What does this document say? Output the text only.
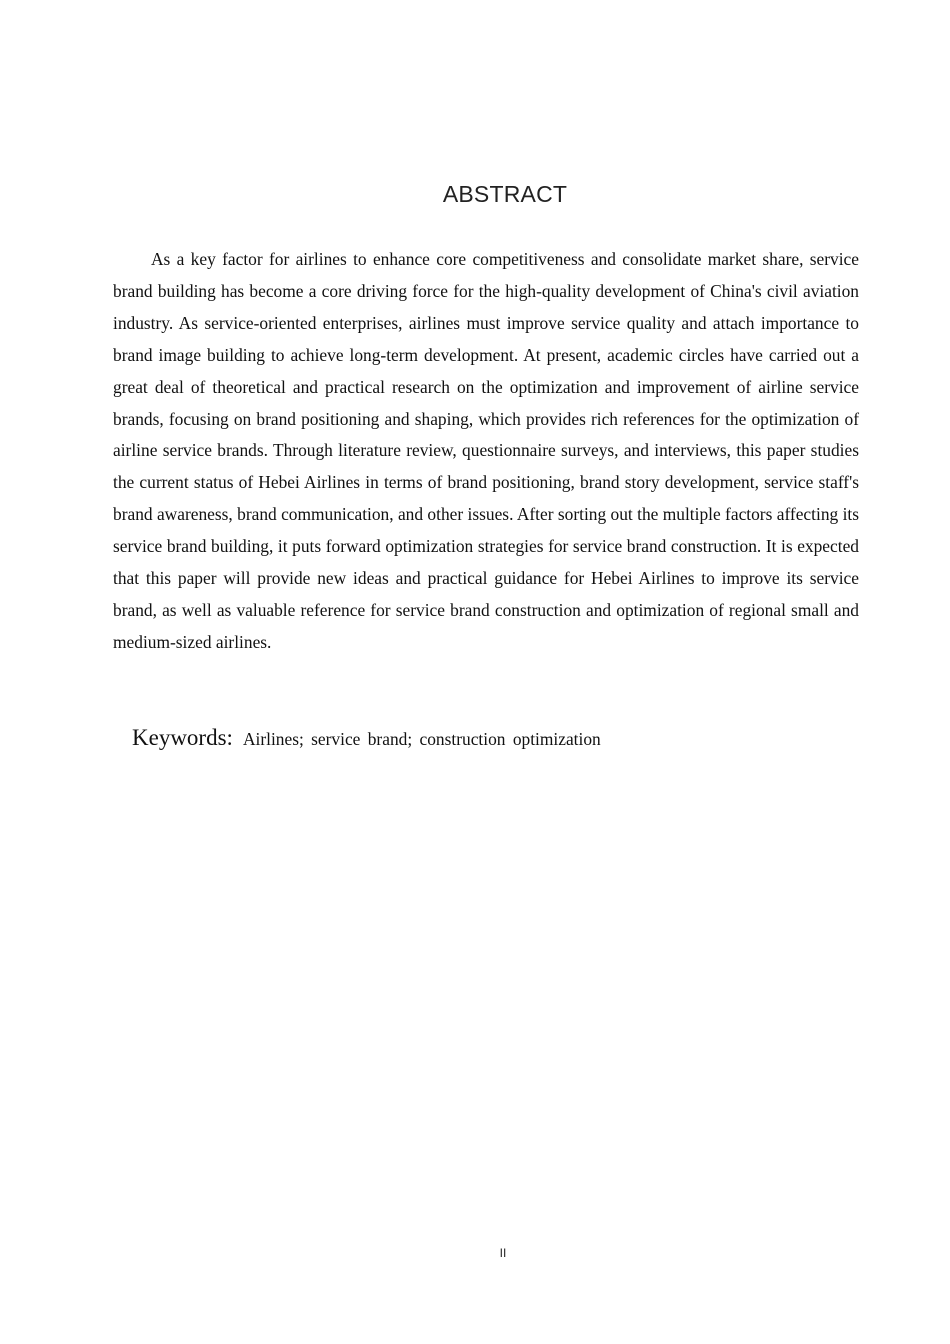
ABSTRACT

As a key factor for airlines to enhance core competitiveness and consolidate market share, service brand building has become a core driving force for the high-quality development of China's civil aviation industry. As service-oriented enterprises, airlines must improve service quality and attach importance to brand image building to achieve long-term development. At present, academic circles have carried out a great deal of theoretical and practical research on the optimization and improvement of airline service brands, focusing on brand positioning and shaping, which provides rich references for the optimization of airline service brands. Through literature review, questionnaire surveys, and interviews, this paper studies the current status of Hebei Airlines in terms of brand positioning, brand story development, service staff's brand awareness, brand communication, and other issues. After sorting out the multiple factors affecting its service brand building, it puts forward optimization strategies for service brand construction. It is expected that this paper will provide new ideas and practical guidance for Hebei Airlines to improve its service brand, as well as valuable reference for service brand construction and optimization of regional small and medium-sized airlines.

Keywords: Airlines; service brand; construction optimization
II
